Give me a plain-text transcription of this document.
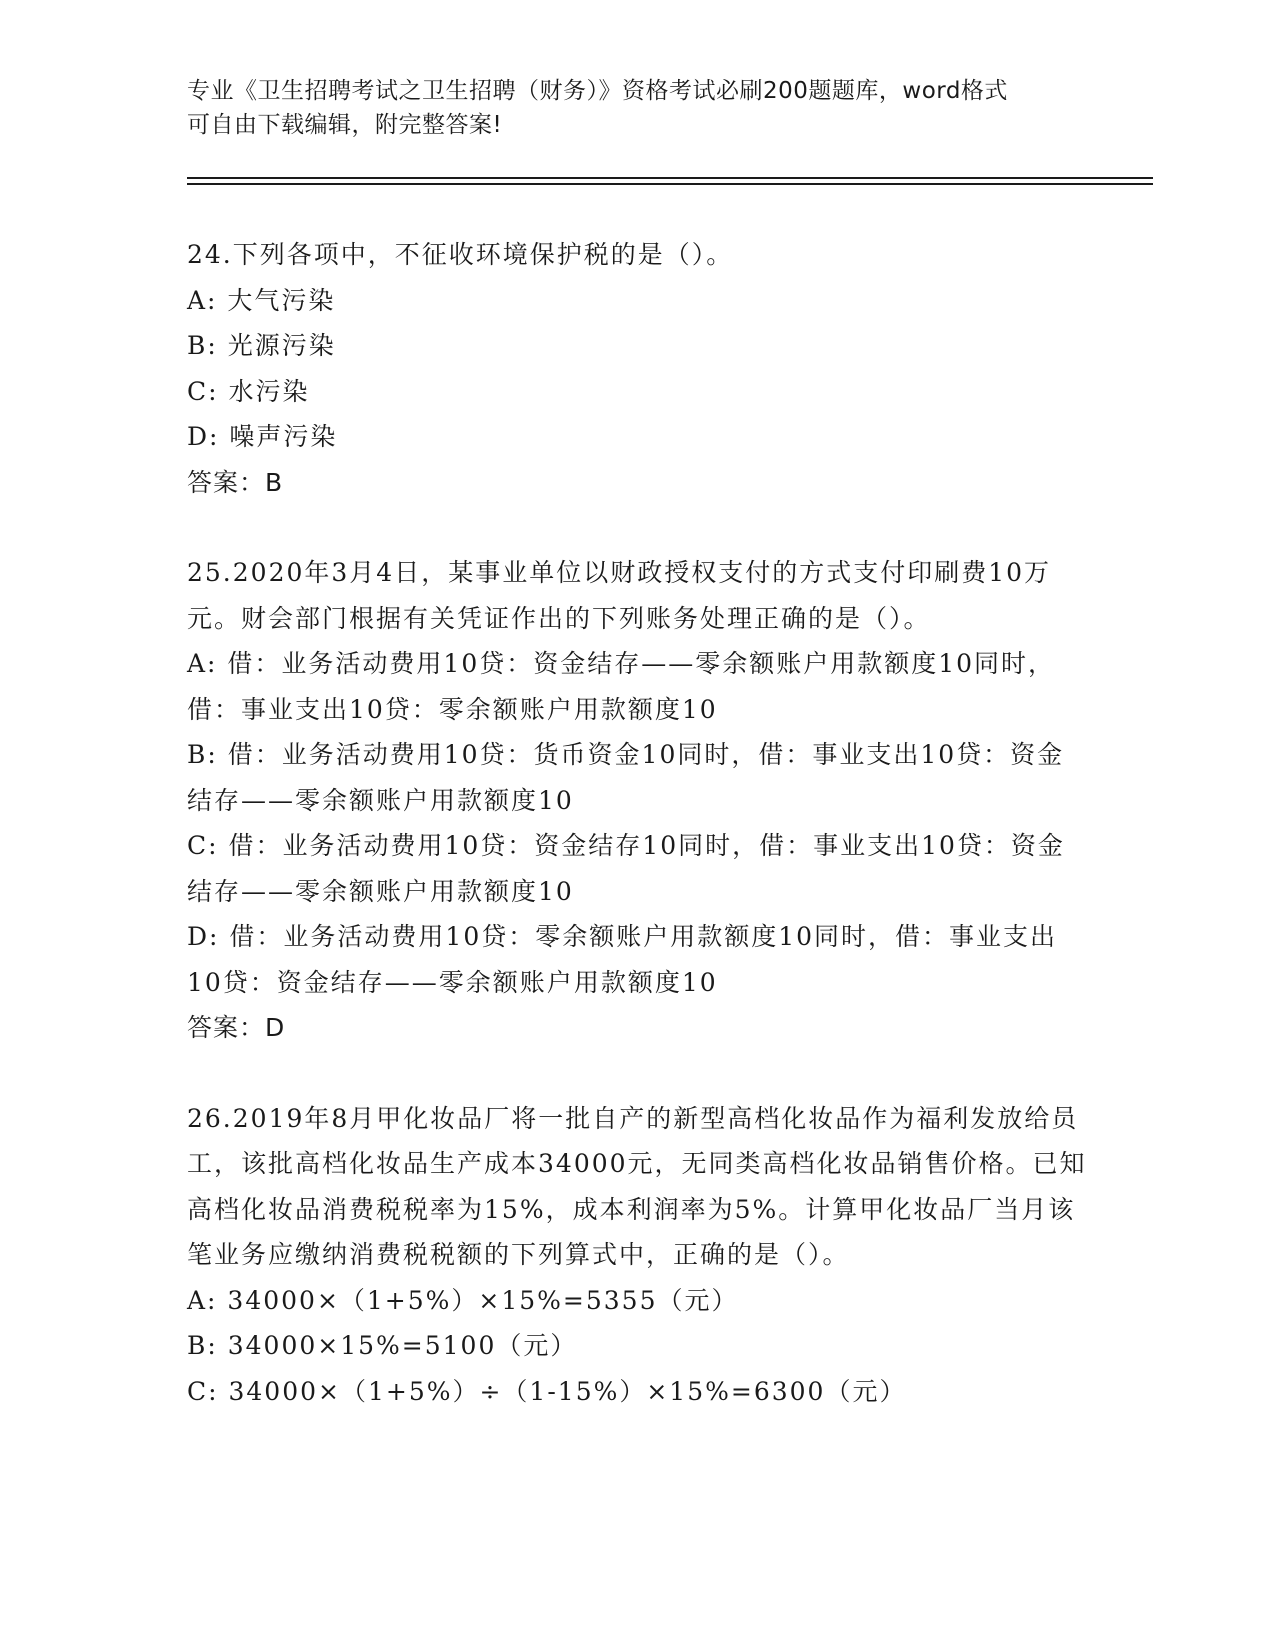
专业《卫生招聘考试之卫生招聘（财务）》资格考试必刷200题题库，word格式
可自由下载编辑，附完整答案!

24.下列各项中，不征收环境保护税的是（）。

A: 大气污染

B: 光源污染

C: 水污染

D: 噪声污染

答案：B

25.2020年3月4日，某事业单位以财政授权支付的方式支付印刷费10万元。财会部门根据有关凭证作出的下列账务处理正确的是（）。

A: 借：业务活动费用10贷：资金结存——零余额账户用款额度10同时，借：事业支出10贷：零余额账户用款额度10

B: 借：业务活动费用10贷：货币资金10同时，借：事业支出10贷：资金结存——零余额账户用款额度10

C: 借：业务活动费用10贷：资金结存10同时，借：事业支出10贷：资金结存——零余额账户用款额度10

D: 借：业务活动费用10贷：零余额账户用款额度10同时，借：事业支出10贷：资金结存——零余额账户用款额度10

答案：D

26.2019年8月甲化妆品厂将一批自产的新型高档化妆品作为福利发放给员工，该批高档化妆品生产成本34000元，无同类高档化妆品销售价格。已知高档化妆品消费税税率为15%，成本利润率为5%。计算甲化妆品厂当月该笔业务应缴纳消费税税额的下列算式中，正确的是（）。

A: 34000×（1+5%）×15%=5355（元）

B: 34000×15%=5100（元）

C: 34000×（1+5%）÷（1-15%）×15%=6300（元）
